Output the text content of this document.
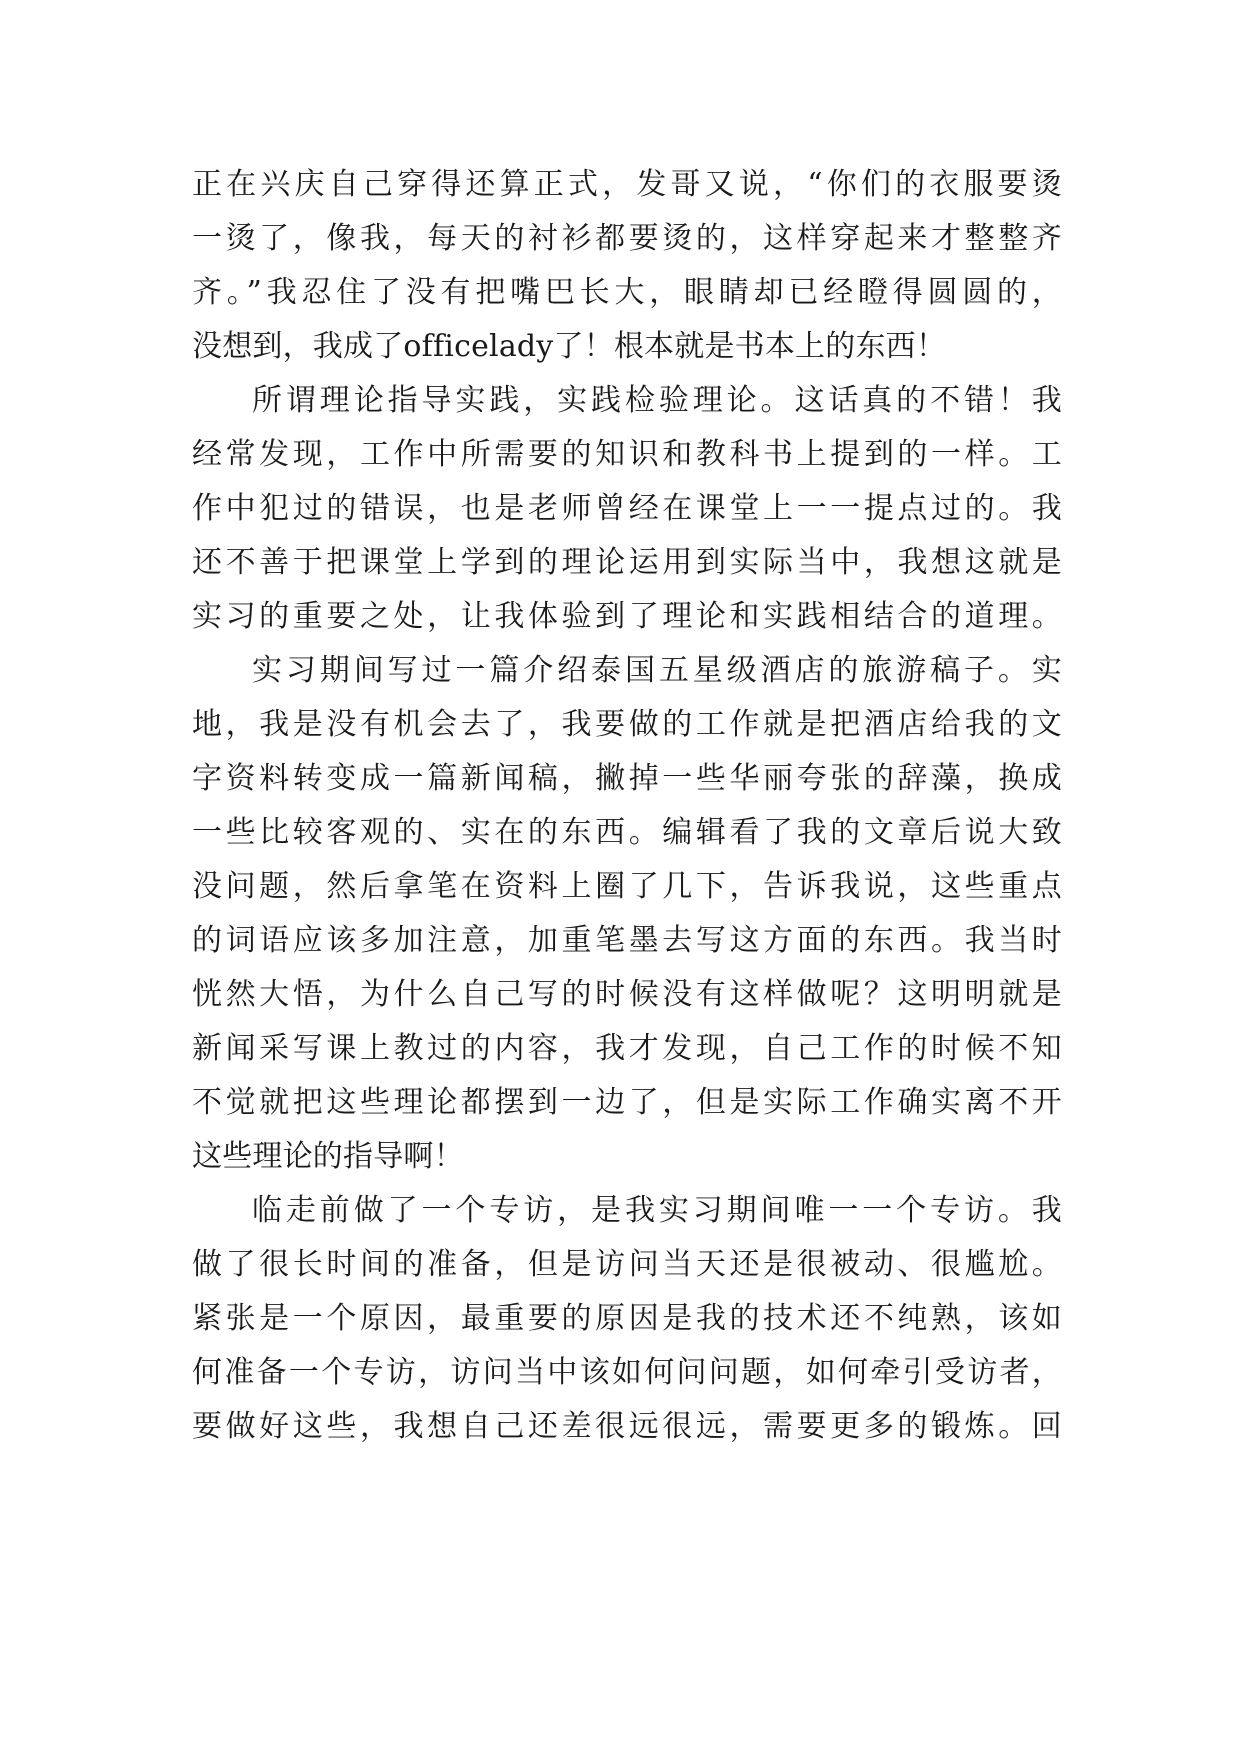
正在兴庆自己穿得还算正式，发哥又说，“你们的衣服要烫
一烫了，像我，每天的衬衫都要烫的，这样穿起来才整整齐
齐。”我忍住了没有把嘴巴长大，眼睛却已经瞪得圆圆的，
没想到，我成了officelady了！根本就是书本上的东西！
所谓理论指导实践，实践检验理论。这话真的不错！我
经常发现，工作中所需要的知识和教科书上提到的一样。工
作中犯过的错误，也是老师曾经在课堂上一一提点过的。我
还不善于把课堂上学到的理论运用到实际当中，我想这就是
实习的重要之处，让我体验到了理论和实践相结合的道理。
实习期间写过一篇介绍泰国五星级酒店的旅游稿子。实
地，我是没有机会去了，我要做的工作就是把酒店给我的文
字资料转变成一篇新闻稿，撇掉一些华丽夸张的辞藻，换成
一些比较客观的、实在的东西。编辑看了我的文章后说大致
没问题，然后拿笔在资料上圈了几下，告诉我说，这些重点
的词语应该多加注意，加重笔墨去写这方面的东西。我当时
恍然大悟，为什么自己写的时候没有这样做呢？这明明就是
新闻采写课上教过的内容，我才发现，自己工作的时候不知
不觉就把这些理论都摆到一边了，但是实际工作确实离不开
这些理论的指导啊！
临走前做了一个专访，是我实习期间唯一一个专访。我
做了很长时间的准备，但是访问当天还是很被动、很尴尬。
紧张是一个原因，最重要的原因是我的技术还不纯熟，该如
何准备一个专访，访问当中该如何问问题，如何牵引受访者，
要做好这些，我想自己还差很远很远，需要更多的锻炼。回
